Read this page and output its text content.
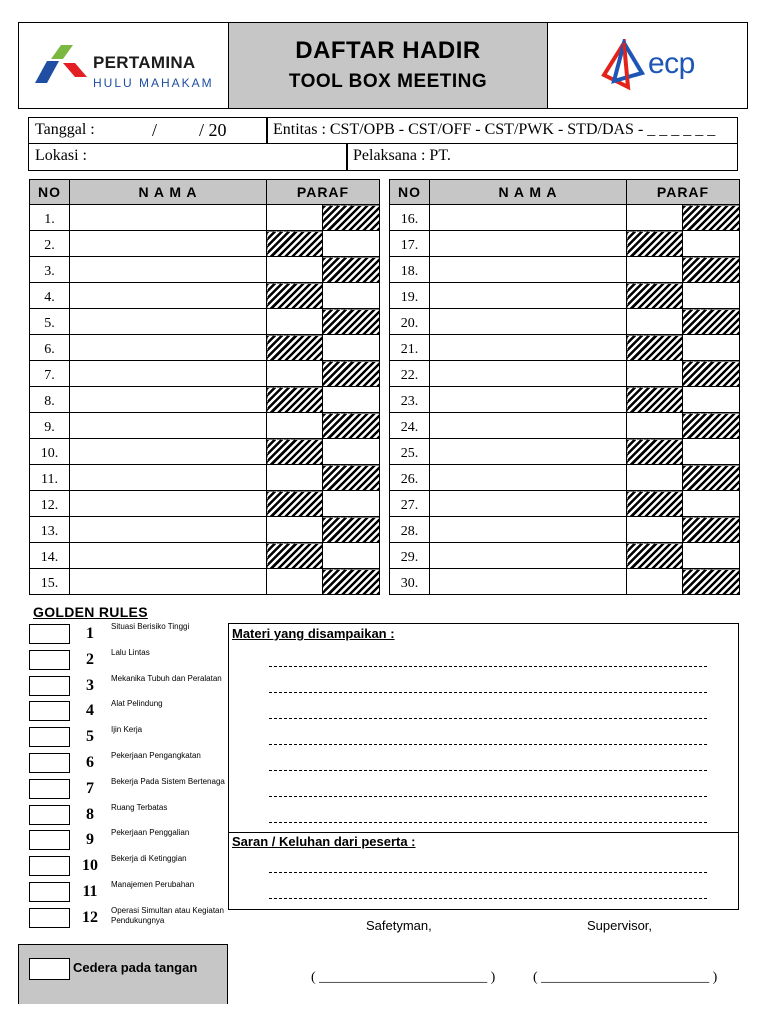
PERTAMINA
HULU MAHAKAM
DAFTAR HADIR
TOOL BOX MEETING
ecp
Tanggal :	/ / 20	Entitas : CST/OPB - CST/OFF - CST/PWK - STD/DAS - _ _ _ _ _ _
Lokasi :	Pelaksana : PT.
NO	N A M A	PARAF	
1.			
2.			
3.			
4.			
5.			
6.			
7.			
8.			
9.			
10.			
11.			
12.			
13.			
14.			
15.			
NO	N A M A	PARAF	
16.			
17.			
18.			
19.			
20.			
21.			
22.			
23.			
24.			
25.			
26.			
27.			
28.			
29.			
30.			
GOLDEN RULES
1	Situasi Berisiko Tinggi
2	Lalu Lintas
3	Mekanika Tubuh dan Peralatan
4	Alat Pelindung
5	Ijin Kerja
6	Pekerjaan Pengangkatan
7	Bekerja Pada Sistem Bertenaga
8	Ruang Terbatas
9	Pekerjaan Penggalian
10	Bekerja di Ketinggian
11	Manajemen Perubahan
12	Operasi Simultan atau Kegiatan Pendukungnya
Materi yang disampaikan :
Saran / Keluhan dari peserta :
Safetyman,	Supervisor,
( ________________________ )	( ________________________ )
Cedera pada tangan
